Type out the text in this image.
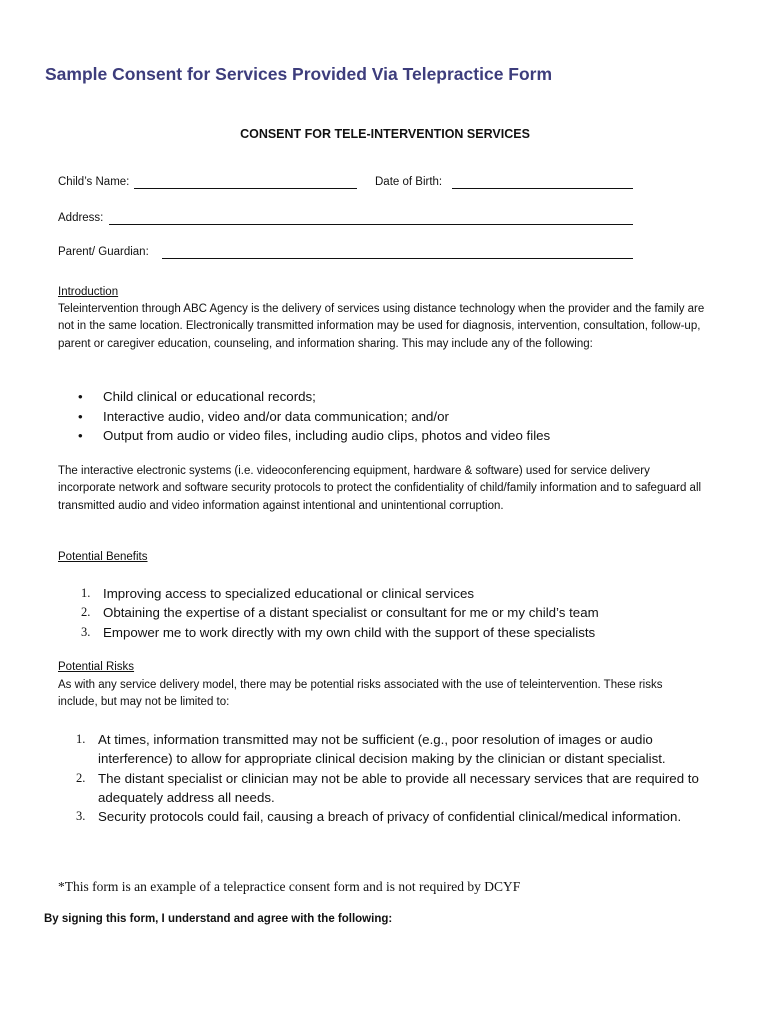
Sample Consent for Services Provided Via Telepractice Form
CONSENT FOR TELE-INTERVENTION SERVICES
Child’s Name:	Date of Birth:
Address:
Parent/ Guardian:
Introduction
Teleintervention through ABC Agency is the delivery of services using distance technology when the provider and the family are not in the same location. Electronically transmitted information may be used for diagnosis, intervention, consultation, follow-up, parent or caregiver education, counseling, and information sharing. This may include any of the following:
• Child clinical or educational records;
• Interactive audio, video and/or data communication; and/or
• Output from audio or video files, including audio clips, photos and video files
The interactive electronic systems (i.e. videoconferencing equipment, hardware & software) used for service delivery incorporate network and software security protocols to protect the confidentiality of child/family information and to safeguard all transmitted audio and video information against intentional and unintentional corruption.
Potential Benefits
1. Improving access to specialized educational or clinical services
2. Obtaining the expertise of a distant specialist or consultant for me or my child’s team
3. Empower me to work directly with my own child with the support of these specialists
Potential Risks
As with any service delivery model, there may be potential risks associated with the use of teleintervention. These risks include, but may not be limited to:
1. At times, information transmitted may not be sufficient (e.g., poor resolution of images or audio interference) to allow for appropriate clinical decision making by the clinician or distant specialist.
2. The distant specialist or clinician may not be able to provide all necessary services that are required to adequately address all needs.
3. Security protocols could fail, causing a breach of privacy of confidential clinical/medical information.
*This form is an example of a telepractice consent form and is not required by DCYF
By signing this form, I understand and agree with the following:
